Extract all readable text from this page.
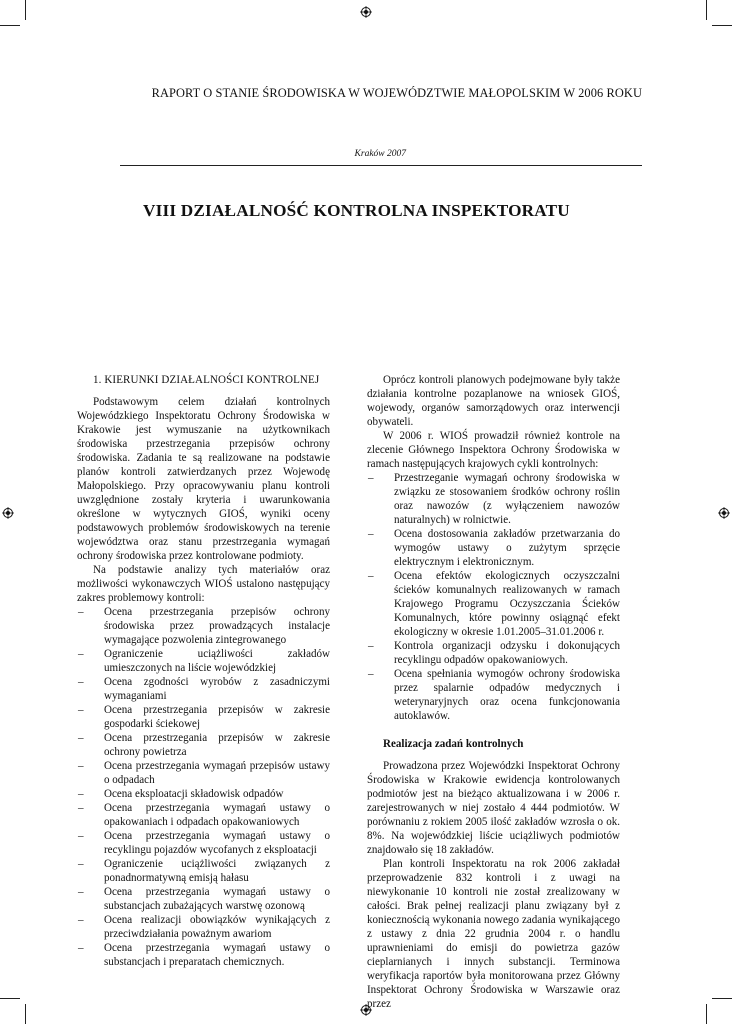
RAPORT O STANIE ŚRODOWISKA W WOJEWÓDZTWIE MAŁOPOLSKIM W 2006 ROKU
Kraków 2007
VIII DZIAŁALNOŚĆ KONTROLNA INSPEKTORATU

1. KIERUNKI DZIAŁALNOŚCI KONTROLNEJ

Podstawowym celem działań kontrolnych Wojewódzkiego Inspektoratu Ochrony Środowiska w Krakowie jest wymuszanie na użytkownikach środowiska przestrzegania przepisów ochrony środowiska. Zadania te są realizowane na podstawie planów kontroli zatwierdzanych przez Wojewodę Małopolskiego. Przy opracowywaniu planu kontroli uwzględnione zostały kryteria i uwarunkowania określone w wytycznych GIOŚ, wyniki oceny podstawowych problemów środowiskowych na terenie województwa oraz stanu przestrzegania wymagań ochrony środowiska przez kontrolowane podmioty.

Na podstawie analizy tych materiałów oraz możliwości wykonawczych WIOŚ ustalono następujący zakres problemowy kontroli:

– Ocena przestrzegania przepisów ochrony środowiska przez prowadzących instalacje wymagające pozwolenia zintegrowanego
– Ograniczenie uciążliwości zakładów umieszczonych na liście wojewódzkiej
– Ocena zgodności wyrobów z zasadniczymi wymaganiami
– Ocena przestrzegania przepisów w zakresie gospodarki ściekowej
– Ocena przestrzegania przepisów w zakresie ochrony powietrza
– Ocena przestrzegania wymagań przepisów ustawy o odpadach
– Ocena eksploatacji składowisk odpadów
– Ocena przestrzegania wymagań ustawy o opakowaniach i odpadach opakowaniowych
– Ocena przestrzegania wymagań ustawy o recyklingu pojazdów wycofanych z eksploatacji
– Ograniczenie uciążliwości związanych z ponadnormatywną emisją hałasu
– Ocena przestrzegania wymagań ustawy o substancjach zubażających warstwę ozonową
– Ocena realizacji obowiązków wynikających z przeciwdziałania poważnym awariom
– Ocena przestrzegania wymagań ustawy o substancjach i preparatach chemicznych.

Oprócz kontroli planowych podejmowane były także działania kontrolne pozaplanowe na wniosek GIOŚ, wojewody, organów samorządowych oraz interwencji obywateli.

W 2006 r. WIOŚ prowadził również kontrole na zlecenie Głównego Inspektora Ochrony Środowiska w ramach następujących krajowych cykli kontrolnych:

– Przestrzeganie wymagań ochrony środowiska w związku ze stosowaniem środków ochrony roślin oraz nawozów (z wyłączeniem nawozów naturalnych) w rolnictwie.
– Ocena dostosowania zakładów przetwarzania do wymogów ustawy o zużytym sprzęcie elektrycznym i elektronicznym.
– Ocena efektów ekologicznych oczyszczalni ścieków komunalnych realizowanych w ramach Krajowego Programu Oczyszczania Ścieków Komunalnych, które powinny osiągnąć efekt ekologiczny w okresie 1.01.2005–31.01.2006 r.
– Kontrola organizacji odzysku i dokonujących recyklingu odpadów opakowaniowych.
– Ocena spełniania wymogów ochrony środowiska przez spalarnie odpadów medycznych i weterynaryjnych oraz ocena funkcjonowania autoklawów.

Realizacja zadań kontrolnych

Prowadzona przez Wojewódzki Inspektorat Ochrony Środowiska w Krakowie ewidencja kontrolowanych podmiotów jest na bieżąco aktualizowana i w 2006 r. zarejestrowanych w niej zostało 4 444 podmiotów. W porównaniu z rokiem 2005 ilość zakładów wzrosła o ok. 8%. Na wojewódzkiej liście uciążliwych podmiotów znajdowało się 18 zakładów.

Plan kontroli Inspektoratu na rok 2006 zakładał przeprowadzenie 832 kontroli i z uwagi na niewykonanie 10 kontroli nie został zrealizowany w całości. Brak pełnej realizacji planu związany był z koniecznością wykonania nowego zadania wynikającego z ustawy z dnia 22 grudnia 2004 r. o handlu uprawnieniami do emisji do powietrza gazów cieplarnianych i innych substancji. Terminowa weryfikacja raportów była monitorowana przez Główny Inspektorat Ochrony Środowiska w Warszawie oraz przez
